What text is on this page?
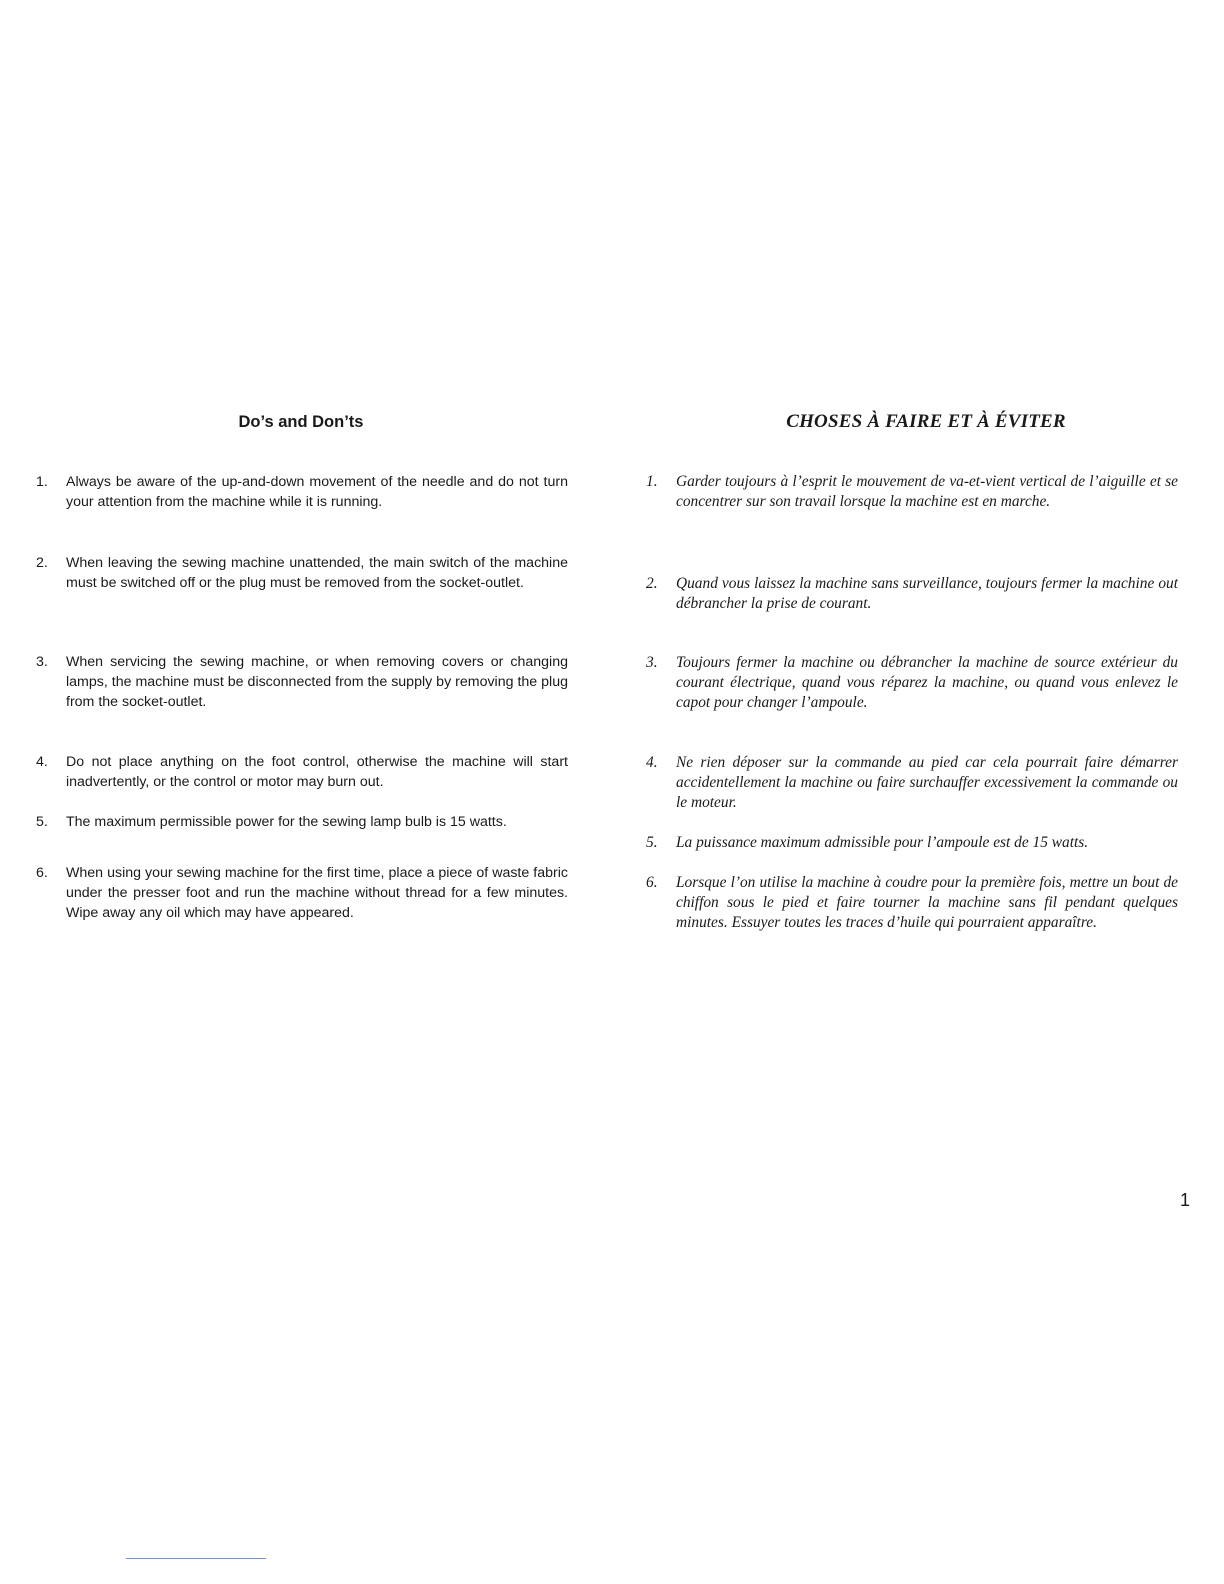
Do’s and Don’ts
1.	Always be aware of the up-and-down movement of the needle and do not turn your attention from the machine while it is running.
2.	When leaving the sewing machine unattended, the main switch of the machine must be switched off or the plug must be removed from the socket-outlet.
3.	When servicing the sewing machine, or when removing covers or changing lamps, the machine must be disconnected from the supply by removing the plug from the socket-outlet.
4.	Do not place anything on the foot control, otherwise the machine will start inadvertently, or the control or motor may burn out.
5.	The maximum permissible power for the sewing lamp bulb is 15 watts.
6.	When using your sewing machine for the first time, place a piece of waste fabric under the presser foot and run the machine without thread for a few minutes. Wipe away any oil which may have appeared.
CHOSES À FAIRE ET À ÉVITER
1.	Garder toujours à l’esprit le mouvement de va-et-vient vertical de l’aiguille et se concentrer sur son travail lorsque la machine est en marche.
2.	Quand vous laissez la machine sans surveillance, toujours fermer la machine out débrancher la prise de courant.
3.	Toujours fermer la machine ou débrancher la machine de source extérieur du courant électrique, quand vous réparez la machine, ou quand vous enlevez le capot pour changer l’ampoule.
4.	Ne rien déposer sur la commande au pied car cela pourrait faire démarrer accidentellement la machine ou faire surchauffer excessivement la commande ou le moteur.
5.	La puissance maximum admissible pour l’ampoule est de 15 watts.
6.	Lorsque l’on utilise la machine à coudre pour la première fois, mettre un bout de chiffon sous le pied et faire tourner la machine sans fil pendant quelques minutes. Essuyer toutes les traces d’huile qui pourraient apparaître.
1
